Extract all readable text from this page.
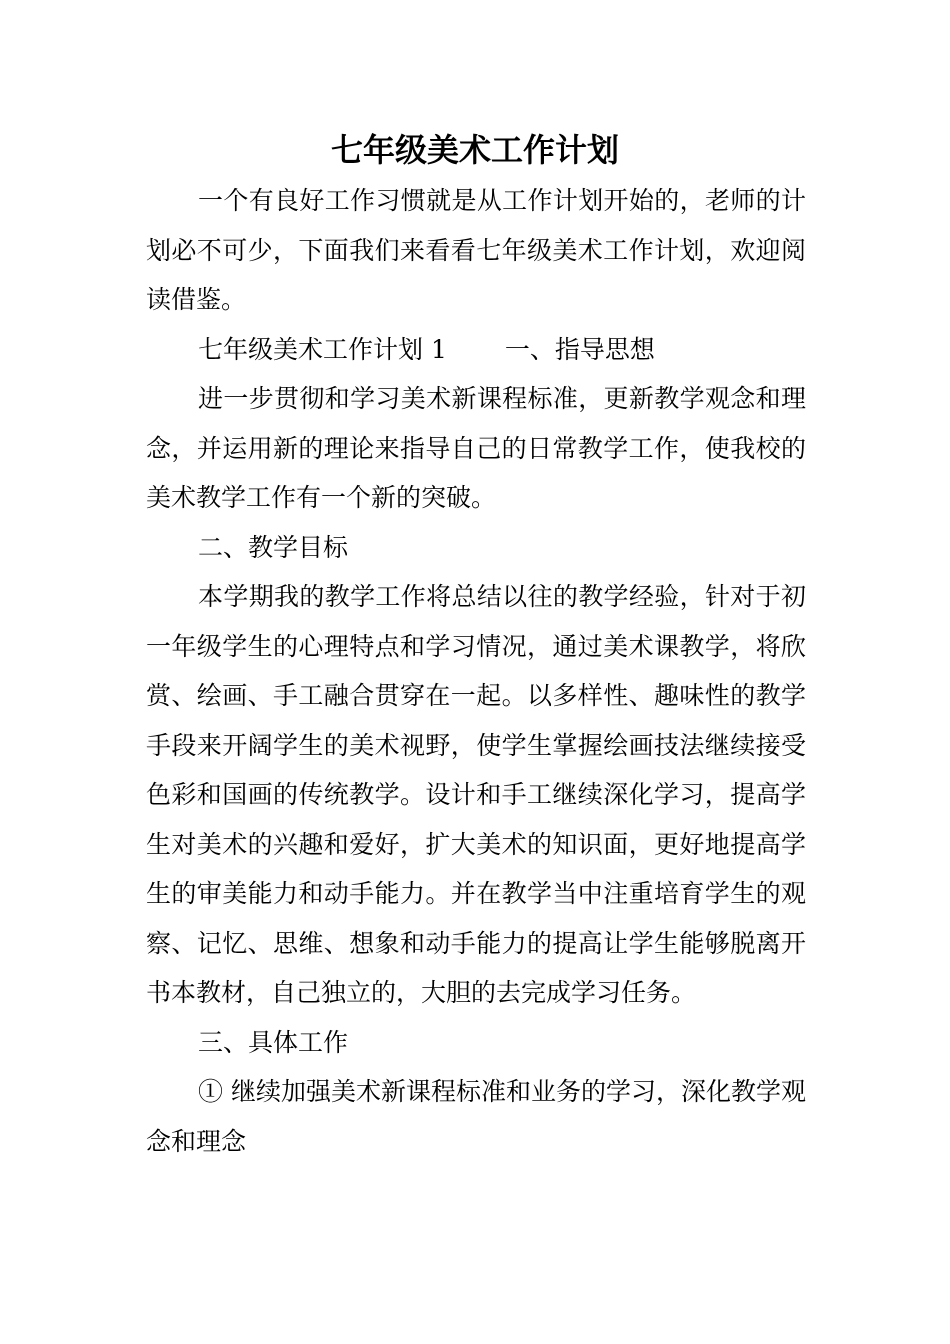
七年级美术工作计划

一个有良好工作习惯就是从工作计划开始的，老师的计划必不可少，下面我们来看看七年级美术工作计划，欢迎阅读借鉴。

七年级美术工作计划 1 一、指导思想

进一步贯彻和学习美术新课程标准，更新教学观念和理念，并运用新的理论来指导自己的日常教学工作，使我校的美术教学工作有一个新的突破。

二、教学目标

本学期我的教学工作将总结以往的教学经验，针对于初一年级学生的心理特点和学习情况，通过美术课教学，将欣赏、绘画、手工融合贯穿在一起。以多样性、趣味性的教学手段来开阔学生的美术视野，使学生掌握绘画技法继续接受色彩和国画的传统教学。设计和手工继续深化学习，提高学生对美术的兴趣和爱好，扩大美术的知识面，更好地提高学生的审美能力和动手能力。并在教学当中注重培育学生的观察、记忆、思维、想象和动手能力的提高让学生能够脱离开书本教材，自己独立的，大胆的去完成学习任务。

三、具体工作

① 继续加强美术新课程标准和业务的学习，深化教学观念和理念
